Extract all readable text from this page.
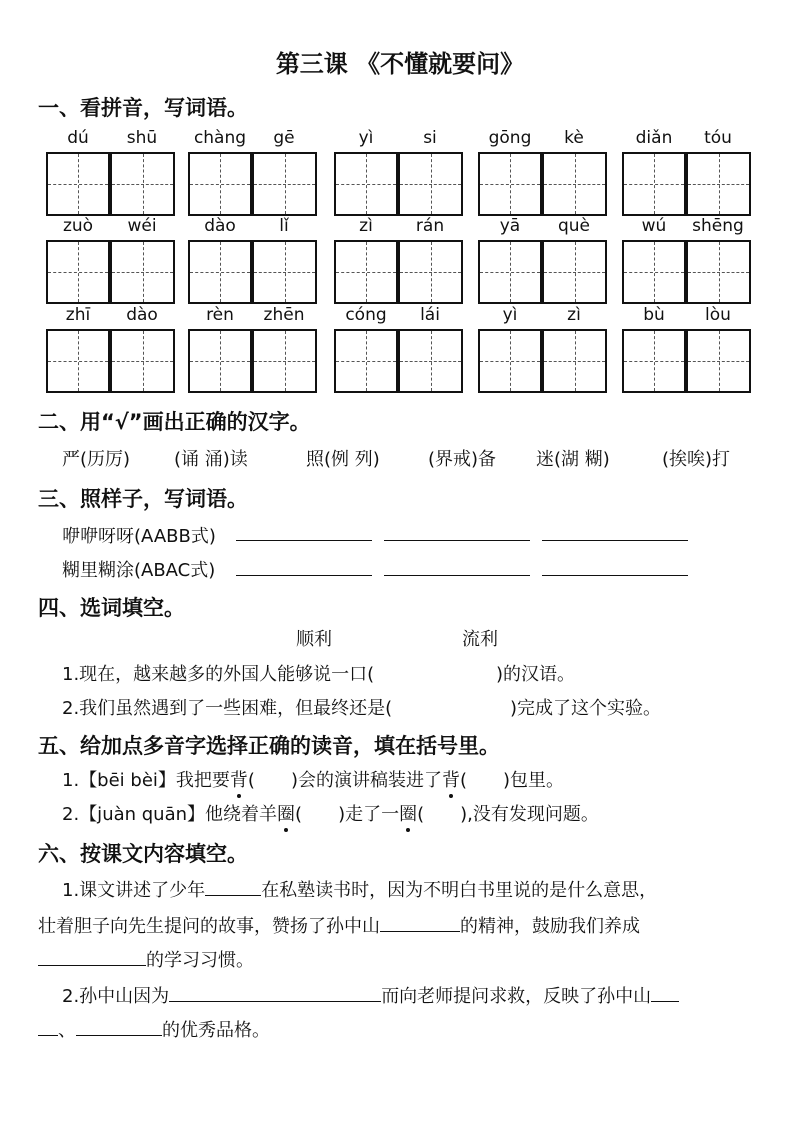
第三课 《不懂就要问》
一、看拼音，写词语。
dú	shū	chàng	gē	yì	si	gōng	kè	diǎn	tóu
zuò	wéi	dào	lǐ	zì	rán	yā	què	wú	shēng
zhī	dào	rèn	zhēn	cóng	lái	yì	zì	bù	lòu
二、用“√”画出正确的汉字。
严(历厉) (诵 涌)读	照(例 列)	(界戒)备 迷(湖 糊)	(挨唉)打
三、照样子，写词语。
咿咿呀呀(AABB式)
糊里糊涂(ABAC式)
四、选词填空。
顺利	流利
1.现在，越来越多的外国人能够说一口(	)的汉语。
2.我们虽然遇到了一些困难，但最终还是(	)完成了这个实验。
五、给加点多音字选择正确的读音，填在括号里。
1.【bēi bèi】我把要背( )会的演讲稿装进了背( )包里。
2.【juàn quān】他绕着羊圈( )走了一圈( ),没有发现问题。
六、按课文内容填空。
1.课文讲述了少年	在私塾读书时，因为不明白书里说的是什么意思，
壮着胆子向先生提问的故事，赞扬了孙中山	的精神，鼓励我们养成
的学习习惯。
2.孙中山因为	而向老师提问求救，反映了孙中山
、	的优秀品格。
